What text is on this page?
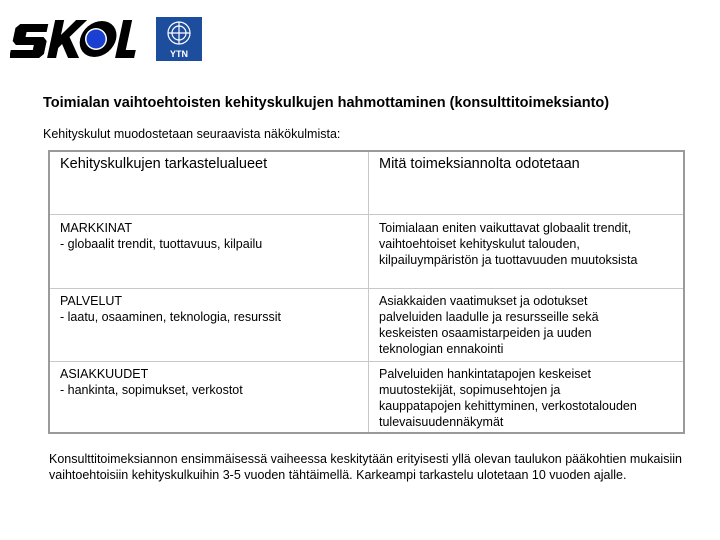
YTN
Toimialan vaihtoehtoisten kehityskulkujen hahmottaminen (konsulttitoimeksianto)
Kehityskulut muodostetaan seuraavista näkökulmista:
Kehityskulkujen tarkastelualueet	Mitä toimeksiannolta odotetaan

MARKKINAT
- globaalit trendit, tuottavuus, kilpailu	Toimialaan eniten vaikuttavat globaalit trendit,
vaihtoehtoiset kehityskulut talouden,
kilpailuympäristön ja tuottavuuden muutoksista

PALVELUT
- laatu, osaaminen, teknologia, resurssit	Asiakkaiden vaatimukset ja odotukset
palveluiden laadulle ja resursseille sekä
keskeisten osaamistarpeiden ja uuden
teknologian ennakointi

ASIAKKUUDET
- hankinta, sopimukset, verkostot	Palveluiden hankintatapojen keskeiset
muutostekijät, sopimusehtojen ja
kauppatapojen kehittyminen, verkostotalouden
tulevaisuudennäkymät
Konsulttitoimeksiannon ensimmäisessä vaiheessa keskitytään erityisesti yllä olevan taulukon pääkohtien mukaisiin vaihtoehtoisiin kehityskulkuihin 3-5 vuoden tähtäimellä. Karkeampi tarkastelu ulotetaan 10 vuoden ajalle.
